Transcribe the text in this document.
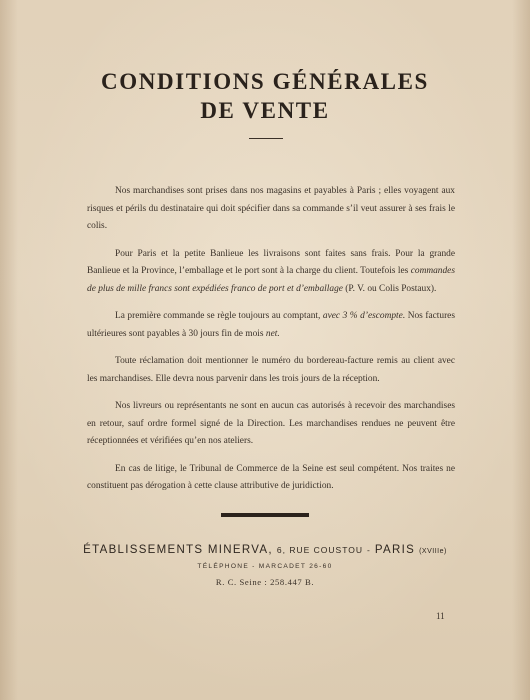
CONDITIONS GÉNÉRALES
DE VENTE

Nos marchandises sont prises dans nos magasins et payables à Paris ; elles voyagent aux risques et périls du destinataire qui doit spécifier dans sa commande s’il veut assurer à ses frais le colis.

Pour Paris et la petite Banlieue les livraisons sont faites sans frais. Pour la grande Banlieue et la Province, l’emballage et le port sont à la charge du client. Toutefois les commandes de plus de mille francs sont expédiées franco de port et d’emballage (P. V. ou Colis Postaux).

La première commande se règle toujours au comptant, avec 3 % d’escompte. Nos factures ultérieures sont payables à 30 jours fin de mois net.

Toute réclamation doit mentionner le numéro du bordereau-facture remis au client avec les marchandises. Elle devra nous parvenir dans les trois jours de la réception.

Nos livreurs ou représentants ne sont en aucun cas autorisés à recevoir des marchandises en retour, sauf ordre formel signé de la Direction. Les marchandises rendues ne peuvent être réceptionnées et vérifiées qu’en nos ateliers.

En cas de litige, le Tribunal de Commerce de la Seine est seul compétent. Nos traites ne constituent pas dérogation à cette clause attributive de juridiction.

ÉTABLISSEMENTS MINERVA, 6, RUE COUSTOU - PARIS (XVIIIe)
TÉLÉPHONE - MARCADET 26-60
R. C. Seine : 258.447 B.
11
